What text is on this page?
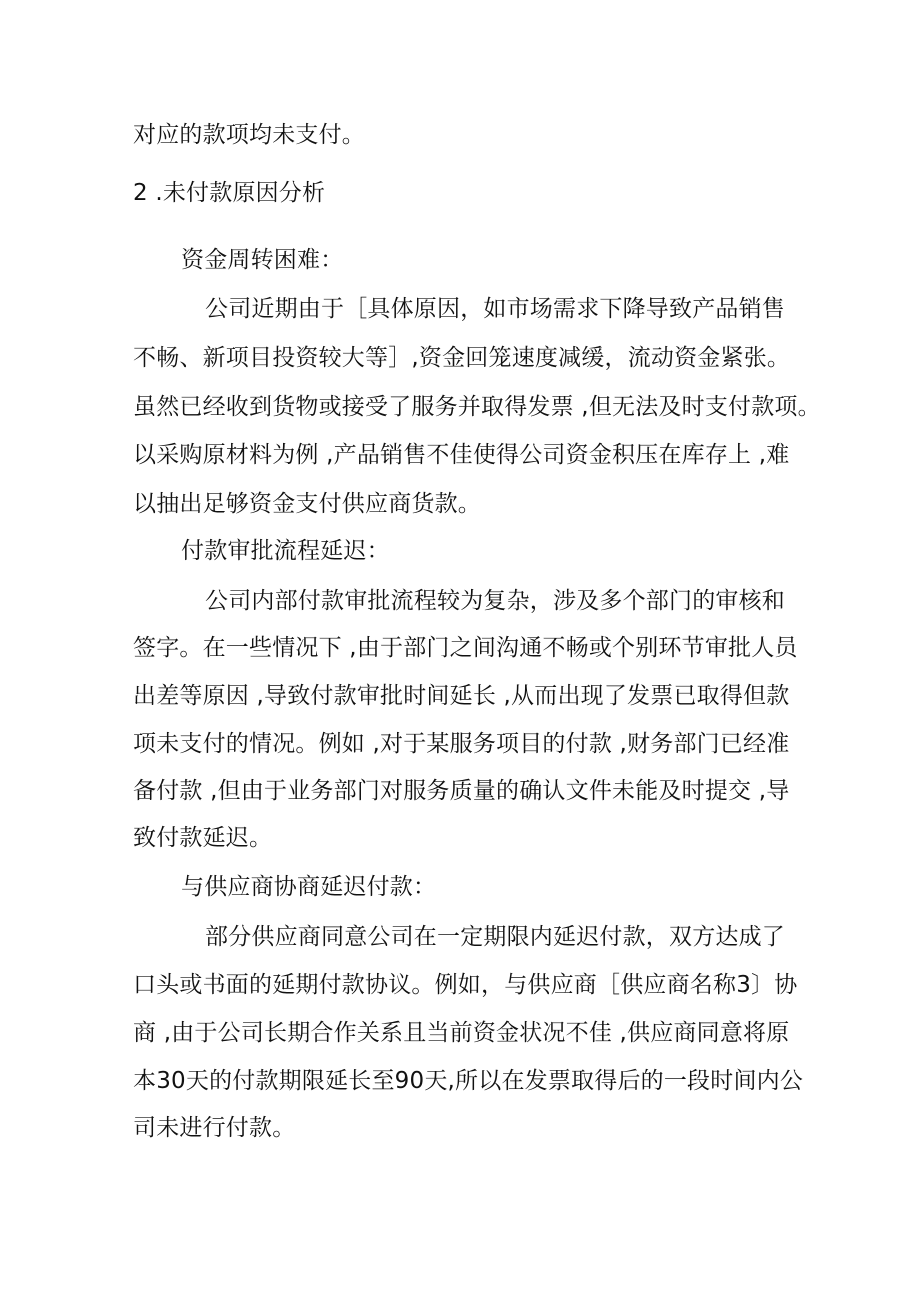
对应的款项均未支付。
2 .未付款原因分析
资金周转困难：
公司近期由于［具体原因，如市场需求下降导致产品销售
不畅、新项目投资较大等］,资金回笼速度减缓，流动资金紧张。
虽然已经收到货物或接受了服务并取得发票 ,但无法及时支付款项。
以采购原材料为例 ,产品销售不佳使得公司资金积压在库存上 ,难
以抽出足够资金支付供应商货款。
付款审批流程延迟：
公司内部付款审批流程较为复杂，涉及多个部门的审核和
签字。在一些情况下 ,由于部门之间沟通不畅或个别环节审批人员
出差等原因 ,导致付款审批时间延长 ,从而出现了发票已取得但款
项未支付的情况。例如 ,对于某服务项目的付款 ,财务部门已经准
备付款 ,但由于业务部门对服务质量的确认文件未能及时提交 ,导
致付款延迟。
与供应商协商延迟付款：
部分供应商同意公司在一定期限内延迟付款，双方达成了
口头或书面的延期付款协议。例如，与供应商［供应商名称3〕协
商 ,由于公司长期合作关系且当前资金状况不佳 ,供应商同意将原
本30天的付款期限延长至90天,所以在发票取得后的一段时间内公
司未进行付款。
